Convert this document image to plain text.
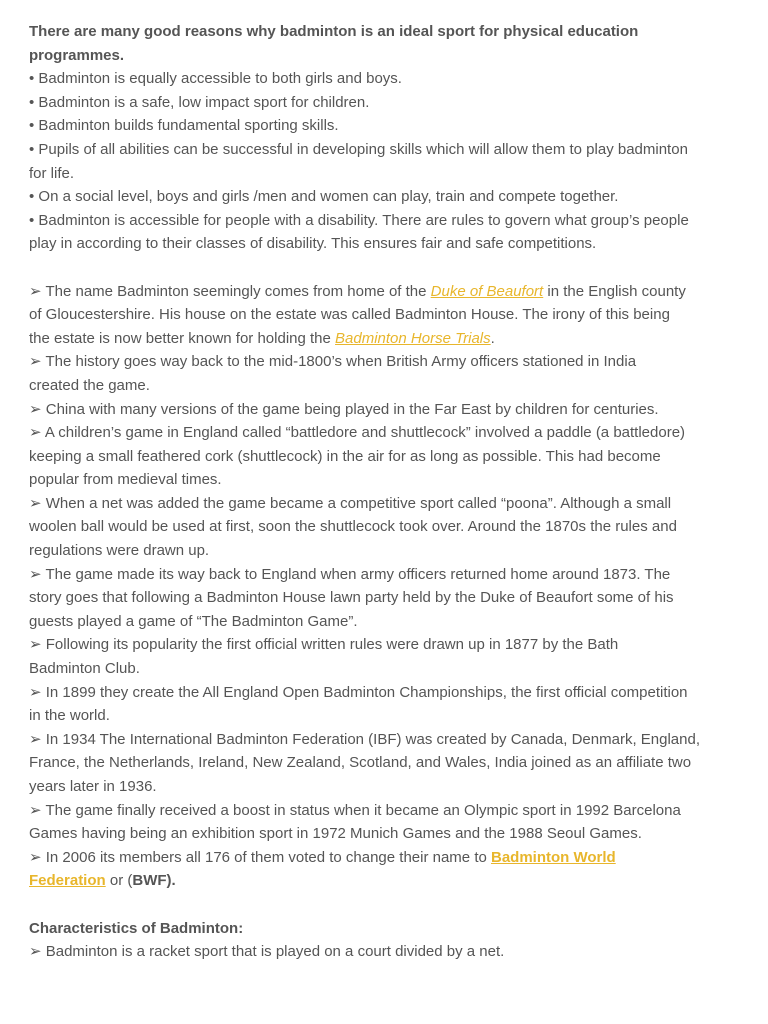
There are many good reasons why badminton is an ideal sport for physical education
programmes.
• Badminton is equally accessible to both girls and boys.
• Badminton is a safe, low impact sport for children.
• Badminton builds fundamental sporting skills.
• Pupils of all abilities can be successful in developing skills which will allow them to play badminton
for life.
• On a social level, boys and girls /men and women can play, train and compete together.
• Badminton is accessible for people with a disability. There are rules to govern what group’s people
play in according to their classes of disability. This ensures fair and safe competitions.
➢ The name Badminton seemingly comes from home of the Duke of Beaufort in the English county
of Gloucestershire. His house on the estate was called Badminton House. The irony of this being
the estate is now better known for holding the Badminton Horse Trials.
➢ The history goes way back to the mid-1800’s when British Army officers stationed in India
created the game.
➢ China with many versions of the game being played in the Far East by children for centuries.
➢ A children’s game in England called “battledore and shuttlecock” involved a paddle (a battledore)
keeping a small feathered cork (shuttlecock) in the air for as long as possible. This had become
popular from medieval times.
➢ When a net was added the game became a competitive sport called “poona”. Although a small
woolen ball would be used at first, soon the shuttlecock took over. Around the 1870s the rules and
regulations were drawn up.
➢ The game made its way back to England when army officers returned home around 1873. The
story goes that following a Badminton House lawn party held by the Duke of Beaufort some of his
guests played a game of “The Badminton Game”.
➢ Following its popularity the first official written rules were drawn up in 1877 by the Bath
Badminton Club.
➢ In 1899 they create the All England Open Badminton Championships, the first official competition
in the world.
➢ In 1934 The International Badminton Federation (IBF) was created by Canada, Denmark, England,
France, the Netherlands, Ireland, New Zealand, Scotland, and Wales, India joined as an affiliate two
years later in 1936.
➢ The game finally received a boost in status when it became an Olympic sport in 1992 Barcelona
Games having being an exhibition sport in 1972 Munich Games and the 1988 Seoul Games.
➢ In 2006 its members all 176 of them voted to change their name to Badminton World
Federation or (BWF).
Characteristics of Badminton:
➢ Badminton is a racket sport that is played on a court divided by a net.
